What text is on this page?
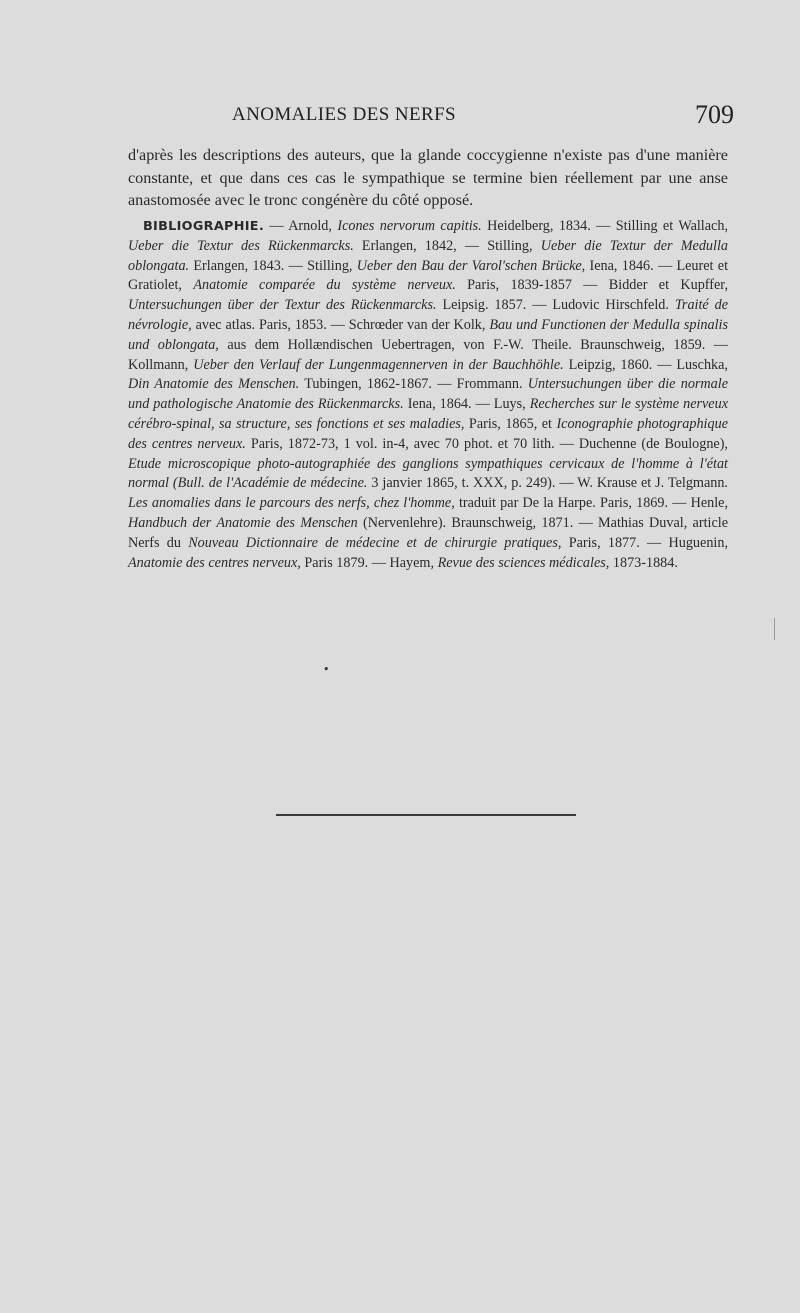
ANOMALIES DES NERFS	709

d'après les descriptions des auteurs, que la glande coccygienne n'existe pas d'une manière constante, et que dans ces cas le sympathique se termine bien réellement par une anse anastomosée avec le tronc congénère du côté opposé.

BIBLIOGRAPHIE. — Arnold, Icones nervorum capitis. Heidelberg, 1834. — Stilling et Wallach, Ueber die Textur des Rückenmarcks. Erlangen, 1842, — Stilling, Ueber die Textur der Medulla oblongata. Erlangen, 1843. — Stilling, Ueber den Bau der Varol'schen Brücke, Iena, 1846. — Leuret et Gratiolet, Anatomie comparée du système nerveux. Paris, 1839-1857 — Bidder et Kupffer, Untersuchungen über der Textur des Rückenmarcks. Leipsig. 1857. — Ludovic Hirschfeld. Traité de névrologie, avec atlas. Paris, 1853. — Schrœder van der Kolk, Bau und Functionen der Medulla spinalis und oblongata, aus dem Hollændischen Uebertragen, von F.-W. Theile. Braunschweig, 1859. — Kollmann, Ueber den Verlauf der Lungenmagennerven in der Bauchhöhle. Leipzig, 1860. — Luschka, Din Anatomie des Menschen. Tubingen, 1862-1867. — Frommann. Untersuchungen über die normale und pathologische Anatomie des Rückenmarcks. Iena, 1864. — Luys, Recherches sur le système nerveux cérébro-spinal, sa structure, ses fonctions et ses maladies, Paris, 1865, et Iconographie photographique des centres nerveux. Paris, 1872-73, 1 vol. in-4, avec 70 phot. et 70 lith. — Duchenne (de Boulogne), Etude microscopique photo-autographiée des ganglions sympathiques cervicaux de l'homme à l'état normal (Bull. de l'Académie de médecine. 3 janvier 1865, t. XXX, p. 249). — W. Krause et J. Telgmann. Les anomalies dans le parcours des nerfs, chez l'homme, traduit par De la Harpe. Paris, 1869. — Henle, Handbuch der Anatomie des Menschen (Nervenlehre). Braunschweig, 1871. — Mathias Duval, article Nerfs du Nouveau Dictionnaire de médecine et de chirurgie pratiques, Paris, 1877. — Huguenin, Anatomie des centres nerveux, Paris 1879. — Hayem, Revue des sciences médicales, 1873-1884.

•
